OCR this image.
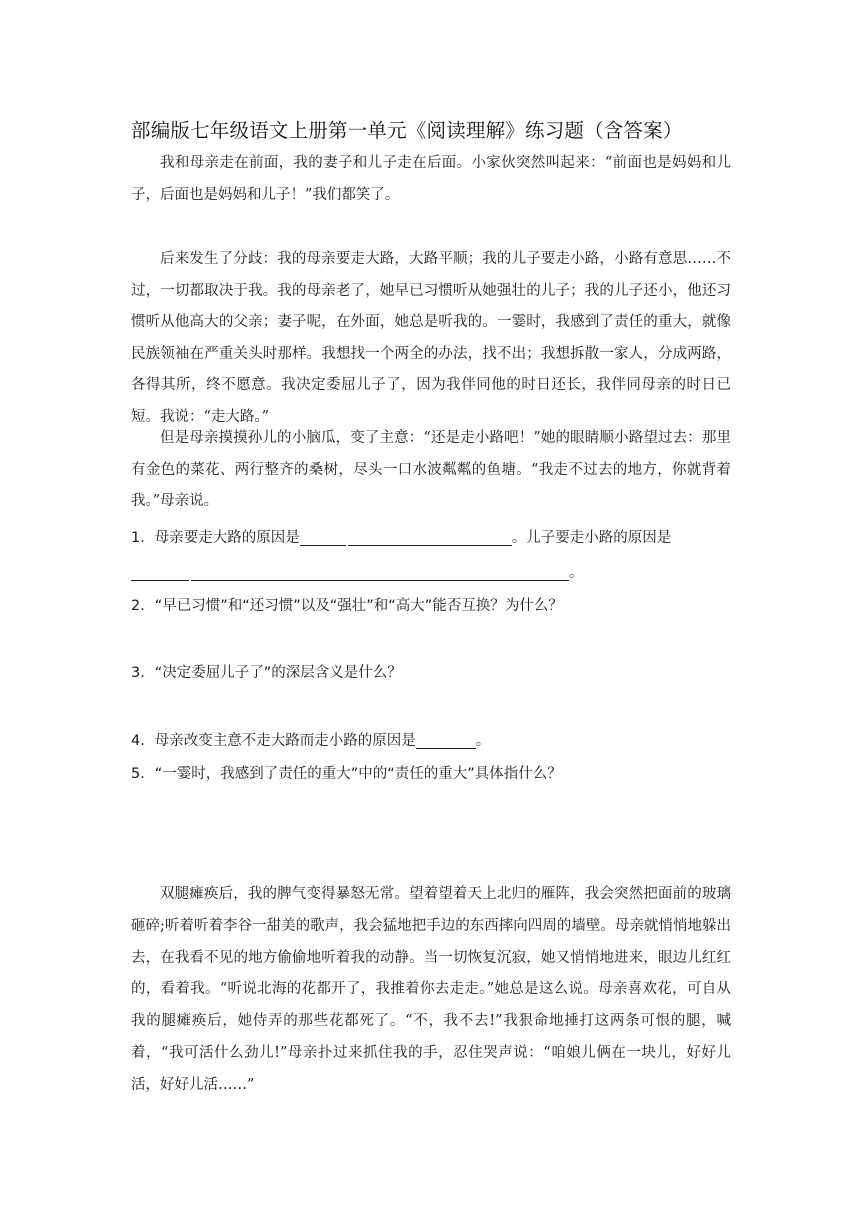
部编版七年级语文上册第一单元《阅读理解》练习题（含答案）

我和母亲走在前面，我的妻子和儿子走在后面。小家伙突然叫起来：“前面也是妈妈和儿子，后面也是妈妈和儿子！”我们都笑了。

后来发生了分歧：我的母亲要走大路，大路平顺；我的儿子要走小路，小路有意思……不过，一切都取决于我。我的母亲老了，她早已习惯听从她强壮的儿子；我的儿子还小，他还习惯听从他高大的父亲；妻子呢，在外面，她总是听我的。一霎时，我感到了责任的重大，就像民族领袖在严重关头时那样。我想找一个两全的办法，找不出；我想拆散一家人，分成两路，各得其所，终不愿意。我决定委屈儿子了，因为我伴同他的时日还长，我伴同母亲的时日已短。我说：“走大路。”

但是母亲摸摸孙儿的小脑瓜，变了主意：“还是走小路吧！”她的眼睛顺小路望过去：那里有金色的菜花、两行整齐的桑树，尽头一口水波粼粼的鱼塘。“我走不过去的地方，你就背着我。”母亲说。

1．母亲要走大路的原因是	。儿子要走小路的原因是
。
2．“早已习惯”和“还习惯”以及“强壮”和“高大”能否互换？为什么？
3．“决定委屈儿子了”的深层含义是什么？
4．母亲改变主意不走大路而走小路的原因是	。
5．“一霎时，我感到了责任的重大”中的“责任的重大”具体指什么？

双腿瘫痪后，我的脾气变得暴怒无常。望着望着天上北归的雁阵，我会突然把面前的玻璃砸碎;听着听着李谷一甜美的歌声，我会猛地把手边的东西摔向四周的墙壁。母亲就悄悄地躲出去，在我看不见的地方偷偷地听着我的动静。当一切恢复沉寂，她又悄悄地进来，眼边儿红红的，看着我。“听说北海的花都开了，我推着你去走走。”她总是这么说。母亲喜欢花，可自从我的腿瘫痪后，她侍弄的那些花都死了。“不，我不去!”我狠命地捶打这两条可恨的腿，喊着，“我可活什么劲儿!”母亲扑过来抓住我的手，忍住哭声说：“咱娘儿俩在一块儿，好好儿活，好好儿活……”
